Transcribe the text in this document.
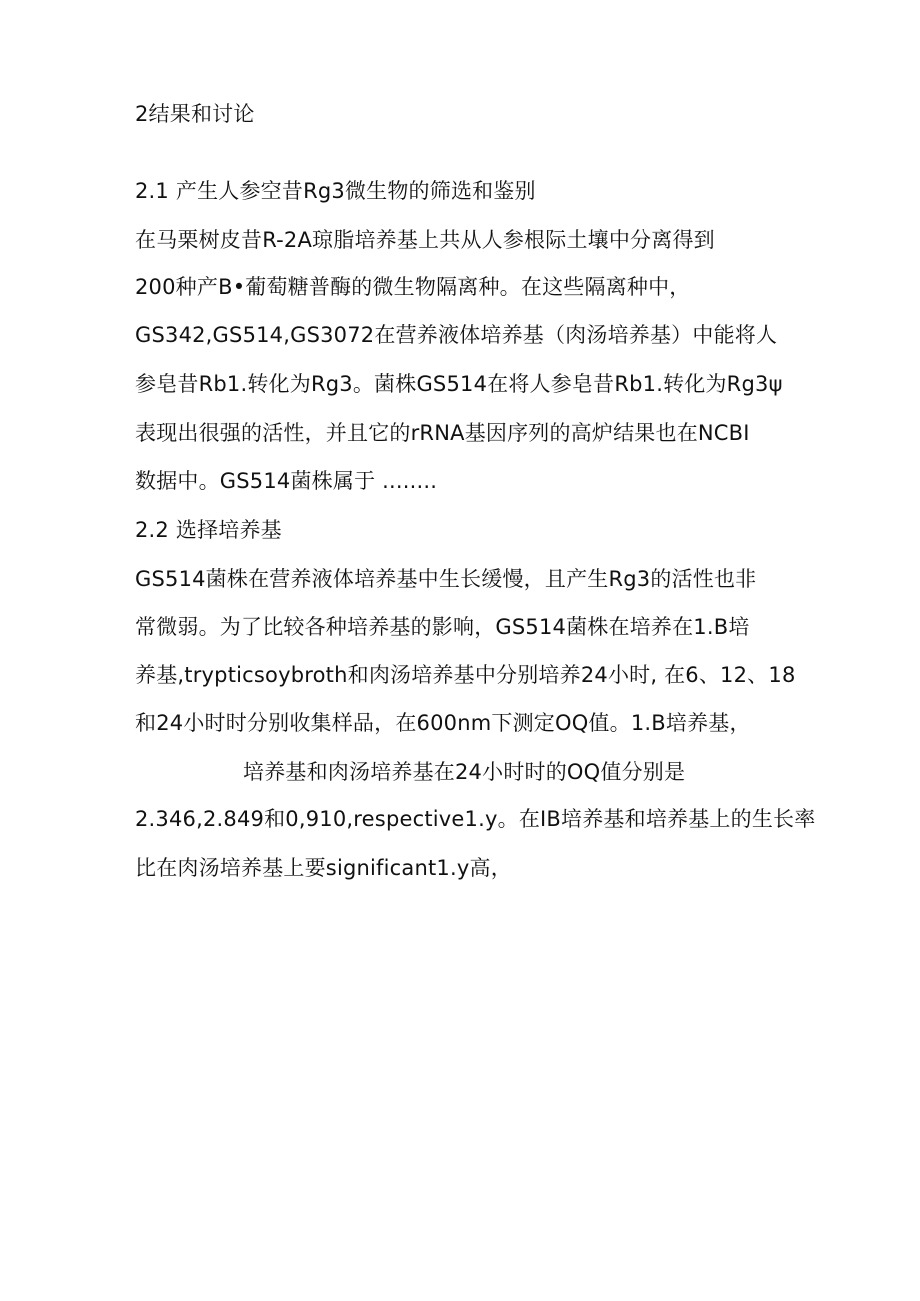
2结果和讨论
2.1 产生人参空昔Rg3微生物的筛选和鉴别
在马栗树皮昔R-2A琼脂培养基上共从人参根际土壤中分离得到
200种产B•葡萄糖普酶的微生物隔离种。在这些隔离种中，
GS342,GS514,GS3072在营养液体培养基（肉汤培养基）中能将人
参皂昔Rb1.转化为Rg3。菌株GS514在将人参皂昔Rb1.转化为Rg3ψ
表现出很强的活性，并且它的rRNA基因序列的高炉结果也在NCBI
数据中。GS514菌株属于 ........
2.2 选择培养基
GS514菌株在营养液体培养基中生长缓慢，且产生Rg3的活性也非
常微弱。为了比较各种培养基的影响，GS514菌株在培养在1.B培
养基,trypticsoybroth和肉汤培养基中分别培养24小时, 在6、12、18
和24小时时分别收集样品，在600nm下测定OQ值。1.B培养基，
培养基和肉汤培养基在24小时时的OQ值分别是
2.346,2.849和0,910,respective1.y。在IB培养基和培养基上的生长率
比在肉汤培养基上要significant1.y高，
